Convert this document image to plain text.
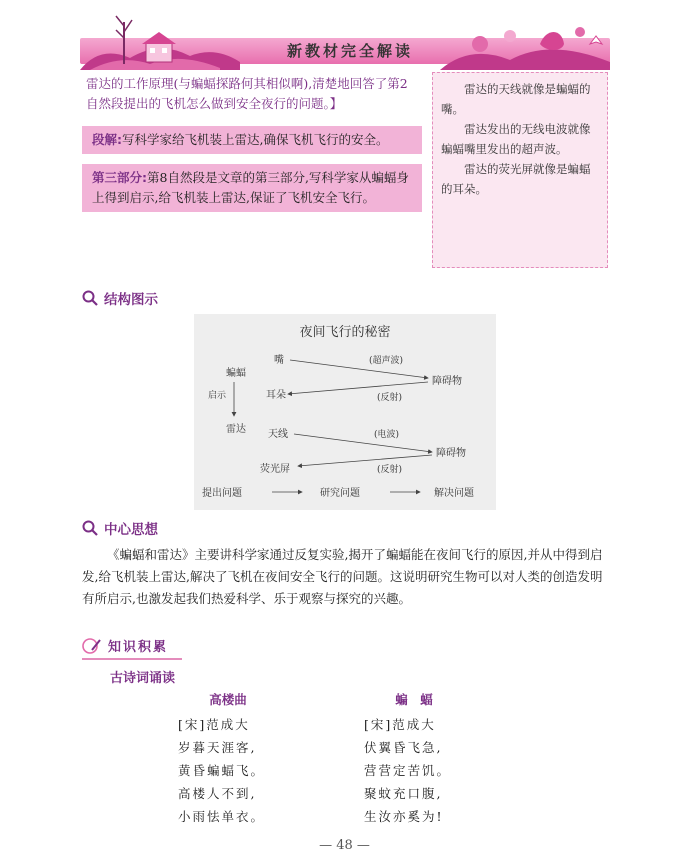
新教材完全解读
雷达的工作原理(与蝙蝠探路何其相似啊),清楚地回答了第2自然段提出的飞机怎么做到安全夜行的问题。】
段解:写科学家给飞机装上雷达,确保飞机飞行的安全。
第三部分:第8自然段是文章的第三部分,写科学家从蝙蝠身上得到启示,给飞机装上雷达,保证了飞机安全飞行。

雷达的天线就像是蝙蝠的嘴。

雷达发出的无线电波就像蝙蝠嘴里发出的超声波。

雷达的荧光屏就像是蝙蝠的耳朵。

结构图示
夜间飞行的秘密
嘴
蝙蝠
(超声波)
障碍物
耳朵	(反射)
启示
雷达 天线	(电波)
障碍物
荧光屏	(反射)
提出问题	研究问题	解决问题
中心思想
《蝙蝠和雷达》主要讲科学家通过反复实验,揭开了蝙蝠能在夜间飞行的原因,并从中得到启发,给飞机装上雷达,解决了飞机在夜间安全飞行的问题。这说明研究生物可以对人类的创造发明有所启示,也激发起我们热爱科学、乐于观察与探究的兴趣。
知识积累
古诗词诵读
高楼曲
[宋]范成大
岁暮天涯客,
黄昏蝙蝠飞。
高楼人不到,
小雨怯单衣。
蝙　蝠
[宋]范成大
伏翼昏飞急,
营营定苦饥。
聚蚊充口腹,
生汝亦奚为!
— 48 —
